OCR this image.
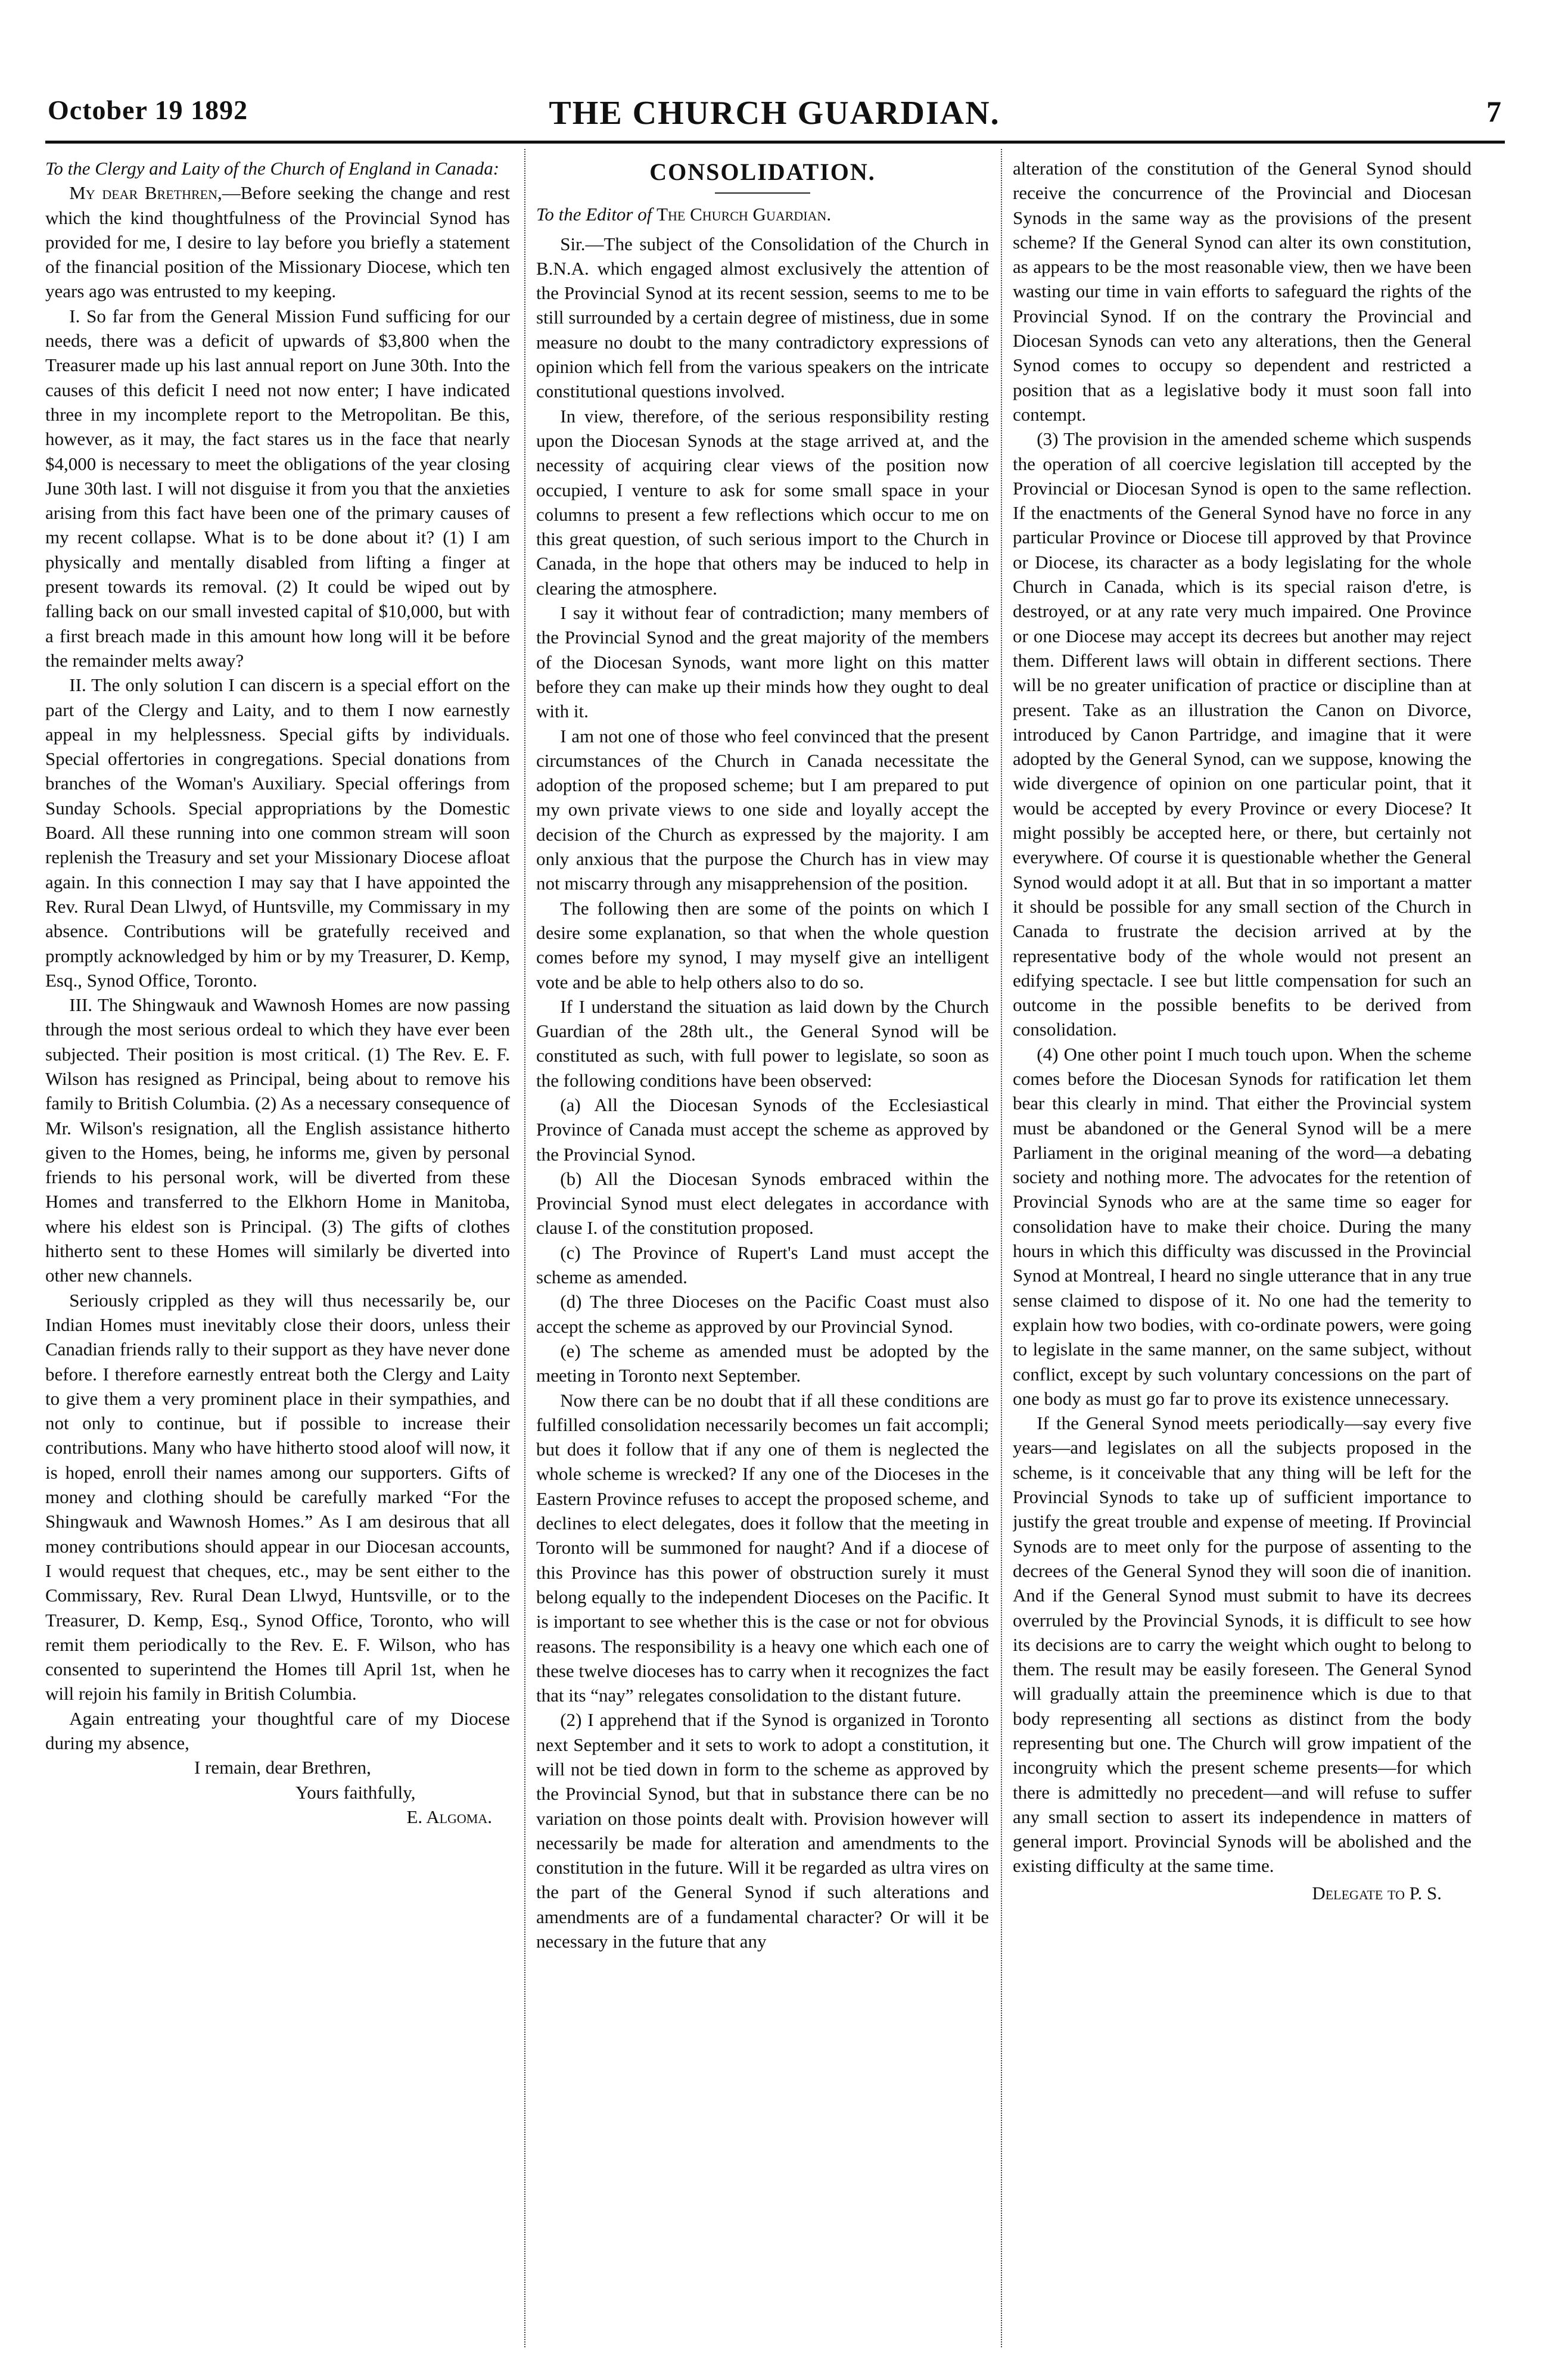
October 19 1892	THE CHURCH GUARDIAN.	7

To the Clergy and Laity of the Church of England in Canada:

My dear Brethren,—Before seeking the change and rest which the kind thoughtfulness of the Provincial Synod has provided for me, I desire to lay before you briefly a statement of the financial position of the Missionary Diocese, which ten years ago was entrusted to my keeping.

I. So far from the General Mission Fund sufficing for our needs, there was a deficit of upwards of $3,800 when the Treasurer made up his last annual report on June 30th. Into the causes of this deficit I need not now enter; I have indicated three in my incomplete report to the Metropolitan. Be this, however, as it may, the fact stares us in the face that nearly $4,000 is necessary to meet the obligations of the year closing June 30th last. I will not disguise it from you that the anxieties arising from this fact have been one of the primary causes of my recent collapse. What is to be done about it? (1) I am physically and mentally disabled from lifting a finger at present towards its removal. (2) It could be wiped out by falling back on our small invested capital of $10,000, but with a first breach made in this amount how long will it be before the remainder melts away?

II. The only solution I can discern is a special effort on the part of the Clergy and Laity, and to them I now earnestly appeal in my helplessness. Special gifts by individuals. Special offertories in congregations. Special donations from branches of the Woman's Auxiliary. Special offerings from Sunday Schools. Special appropriations by the Domestic Board. All these running into one common stream will soon replenish the Treasury and set your Missionary Diocese afloat again. In this connection I may say that I have appointed the Rev. Rural Dean Llwyd, of Huntsville, my Commissary in my absence. Contributions will be gratefully received and promptly acknowledged by him or by my Treasurer, D. Kemp, Esq., Synod Office, Toronto.

III. The Shingwauk and Wawnosh Homes are now passing through the most serious ordeal to which they have ever been subjected. Their position is most critical. (1) The Rev. E. F. Wilson has resigned as Principal, being about to remove his family to British Columbia. (2) As a necessary consequence of Mr. Wilson's resignation, all the English assistance hitherto given to the Homes, being, he informs me, given by personal friends to his personal work, will be diverted from these Homes and transferred to the Elkhorn Home in Manitoba, where his eldest son is Principal. (3) The gifts of clothes hitherto sent to these Homes will similarly be diverted into other new channels.

Seriously crippled as they will thus necessarily be, our Indian Homes must inevitably close their doors, unless their Canadian friends rally to their support as they have never done before. I therefore earnestly entreat both the Clergy and Laity to give them a very prominent place in their sympathies, and not only to continue, but if possible to increase their contributions. Many who have hitherto stood aloof will now, it is hoped, enroll their names among our supporters. Gifts of money and clothing should be carefully marked “For the Shingwauk and Wawnosh Homes.” As I am desirous that all money contributions should appear in our Diocesan accounts, I would request that cheques, etc., may be sent either to the Commissary, Rev. Rural Dean Llwyd, Huntsville, or to the Treasurer, D. Kemp, Esq., Synod Office, Toronto, who will remit them periodically to the Rev. E. F. Wilson, who has consented to superintend the Homes till April 1st, when he will rejoin his family in British Columbia.

Again entreating your thoughtful care of my Diocese during my absence,

I remain, dear Brethren,

Yours faithfully,

E. Algoma.

CONSOLIDATION.

To the Editor of The Church Guardian.

Sir.—The subject of the Consolidation of the Church in B.N.A. which engaged almost exclusively the attention of the Provincial Synod at its recent session, seems to me to be still surrounded by a certain degree of mistiness, due in some measure no doubt to the many contradictory expressions of opinion which fell from the various speakers on the intricate constitutional questions involved.

In view, therefore, of the serious responsibility resting upon the Diocesan Synods at the stage arrived at, and the necessity of acquiring clear views of the position now occupied, I venture to ask for some small space in your columns to present a few reflections which occur to me on this great question, of such serious import to the Church in Canada, in the hope that others may be induced to help in clearing the atmosphere.

I say it without fear of contradiction; many members of the Provincial Synod and the great majority of the members of the Diocesan Synods, want more light on this matter before they can make up their minds how they ought to deal with it.

I am not one of those who feel convinced that the present circumstances of the Church in Canada necessitate the adoption of the proposed scheme; but I am prepared to put my own private views to one side and loyally accept the decision of the Church as expressed by the majority. I am only anxious that the purpose the Church has in view may not miscarry through any misapprehension of the position.

The following then are some of the points on which I desire some explanation, so that when the whole question comes before my synod, I may myself give an intelligent vote and be able to help others also to do so.

If I understand the situation as laid down by the Church Guardian of the 28th ult., the General Synod will be constituted as such, with full power to legislate, so soon as the following conditions have been observed:

(a) All the Diocesan Synods of the Ecclesiastical Province of Canada must accept the scheme as approved by the Provincial Synod.

(b) All the Diocesan Synods embraced within the Provincial Synod must elect delegates in accordance with clause I. of the constitution proposed.

(c) The Province of Rupert's Land must accept the scheme as amended.

(d) The three Dioceses on the Pacific Coast must also accept the scheme as approved by our Provincial Synod.

(e) The scheme as amended must be adopted by the meeting in Toronto next September.

Now there can be no doubt that if all these conditions are fulfilled consolidation necessarily becomes un fait accompli; but does it follow that if any one of them is neglected the whole scheme is wrecked? If any one of the Dioceses in the Eastern Province refuses to accept the proposed scheme, and declines to elect delegates, does it follow that the meeting in Toronto will be summoned for naught? And if a diocese of this Province has this power of obstruction surely it must belong equally to the independent Dioceses on the Pacific. It is important to see whether this is the case or not for obvious reasons. The responsibility is a heavy one which each one of these twelve dioceses has to carry when it recognizes the fact that its “nay” relegates consolidation to the distant future.

(2) I apprehend that if the Synod is organized in Toronto next September and it sets to work to adopt a constitution, it will not be tied down in form to the scheme as approved by the Provincial Synod, but that in substance there can be no variation on those points dealt with. Provision however will necessarily be made for alteration and amendments to the constitution in the future. Will it be regarded as ultra vires on the part of the General Synod if such alterations and amendments are of a fundamental character? Or will it be necessary in the future that any

alteration of the constitution of the General Synod should receive the concurrence of the Provincial and Diocesan Synods in the same way as the provisions of the present scheme? If the General Synod can alter its own constitution, as appears to be the most reasonable view, then we have been wasting our time in vain efforts to safeguard the rights of the Provincial Synod. If on the contrary the Provincial and Diocesan Synods can veto any alterations, then the General Synod comes to occupy so dependent and restricted a position that as a legislative body it must soon fall into contempt.

(3) The provision in the amended scheme which suspends the operation of all coercive legislation till accepted by the Provincial or Diocesan Synod is open to the same reflection. If the enactments of the General Synod have no force in any particular Province or Diocese till approved by that Province or Diocese, its character as a body legislating for the whole Church in Canada, which is its special raison d'etre, is destroyed, or at any rate very much impaired. One Province or one Diocese may accept its decrees but another may reject them. Different laws will obtain in different sections. There will be no greater unification of practice or discipline than at present. Take as an illustration the Canon on Divorce, introduced by Canon Partridge, and imagine that it were adopted by the General Synod, can we suppose, knowing the wide divergence of opinion on one particular point, that it would be accepted by every Province or every Diocese? It might possibly be accepted here, or there, but certainly not everywhere. Of course it is questionable whether the General Synod would adopt it at all. But that in so important a matter it should be possible for any small section of the Church in Canada to frustrate the decision arrived at by the representative body of the whole would not present an edifying spectacle. I see but little compensation for such an outcome in the possible benefits to be derived from consolidation.

(4) One other point I much touch upon. When the scheme comes before the Diocesan Synods for ratification let them bear this clearly in mind. That either the Provincial system must be abandoned or the General Synod will be a mere Parliament in the original meaning of the word—a debating society and nothing more. The advocates for the retention of Provincial Synods who are at the same time so eager for consolidation have to make their choice. During the many hours in which this difficulty was discussed in the Provincial Synod at Montreal, I heard no single utterance that in any true sense claimed to dispose of it. No one had the temerity to explain how two bodies, with co-ordinate powers, were going to legislate in the same manner, on the same subject, without conflict, except by such voluntary concessions on the part of one body as must go far to prove its existence unnecessary.

If the General Synod meets periodically—say every five years—and legislates on all the subjects proposed in the scheme, is it conceivable that any thing will be left for the Provincial Synods to take up of sufficient importance to justify the great trouble and expense of meeting. If Provincial Synods are to meet only for the purpose of assenting to the decrees of the General Synod they will soon die of inanition. And if the General Synod must submit to have its decrees overruled by the Provincial Synods, it is difficult to see how its decisions are to carry the weight which ought to belong to them. The result may be easily foreseen. The General Synod will gradually attain the preeminence which is due to that body representing all sections as distinct from the body representing but one. The Church will grow impatient of the incongruity which the present scheme presents—for which there is admittedly no precedent—and will refuse to suffer any small section to assert its independence in matters of general import. Provincial Synods will be abolished and the existing difficulty at the same time.

Delegate to P. S.
